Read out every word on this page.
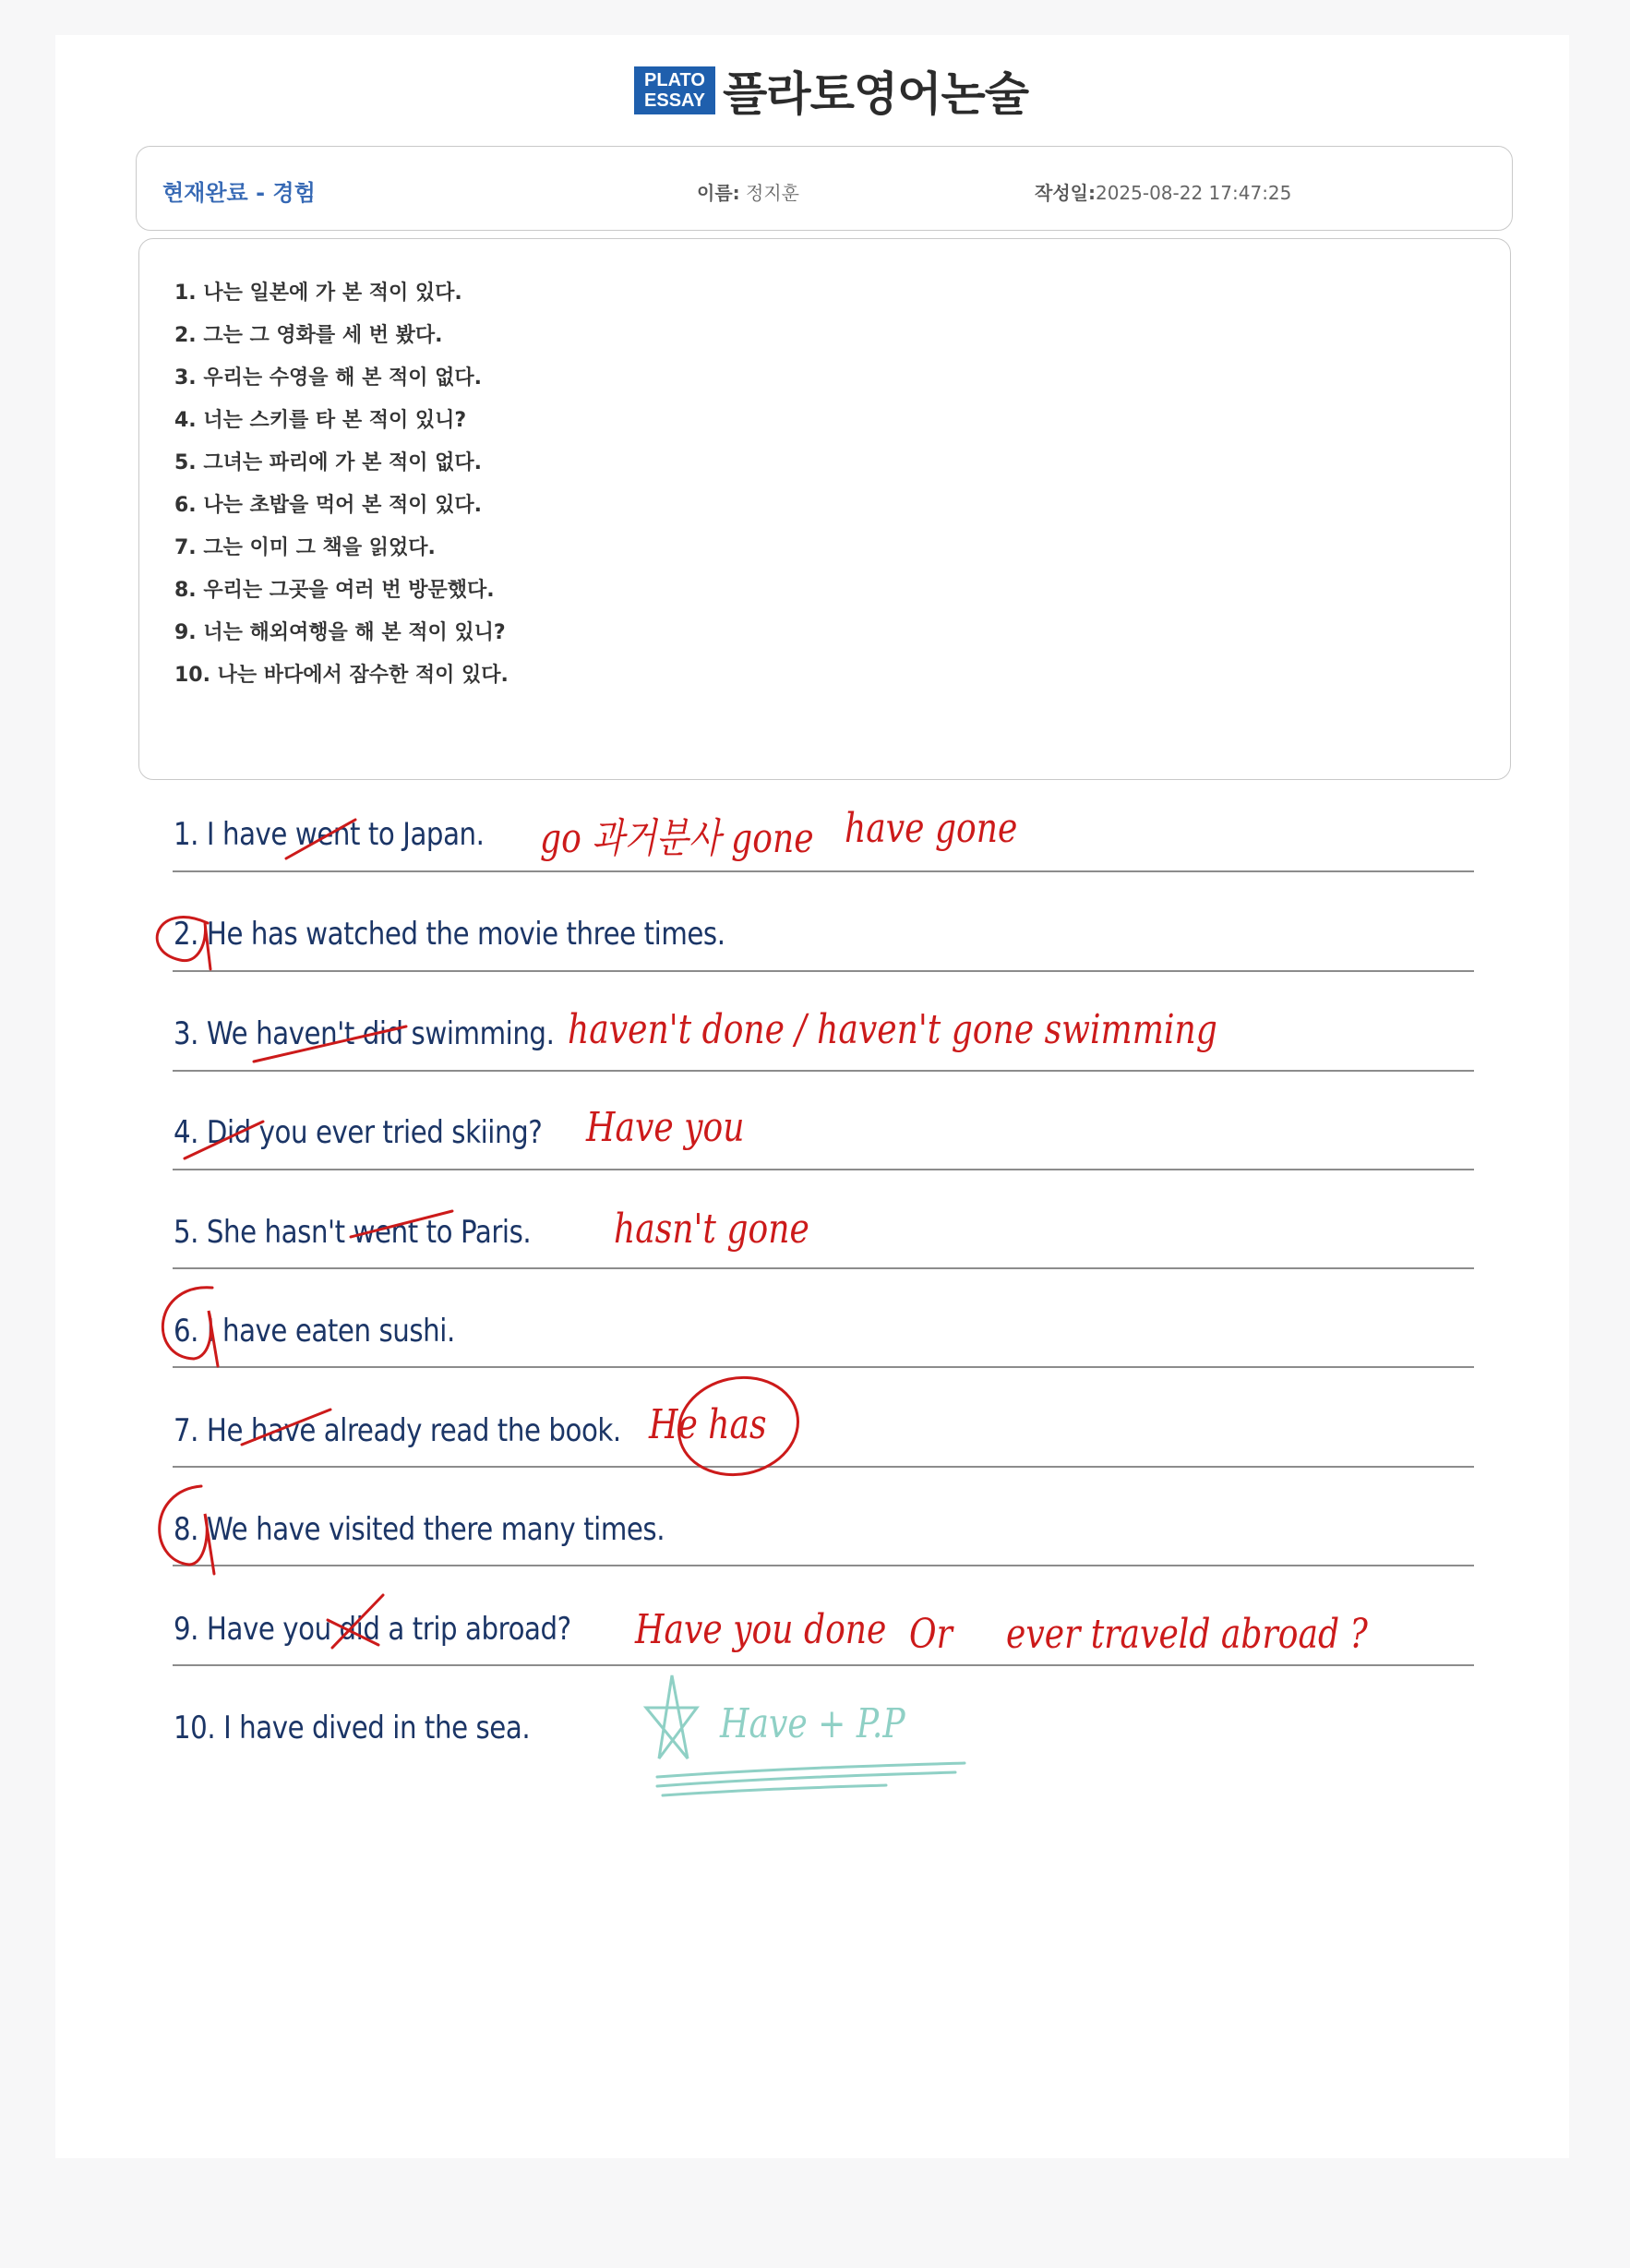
PLATO
ESSAY 플라토영어논술
현재완료 - 경험	이름: 정지훈	작성일:2025-08-22 17:47:25
1. 나는 일본에 가 본 적이 있다.
2. 그는 그 영화를 세 번 봤다.
3. 우리는 수영을 해 본 적이 없다.
4. 너는 스키를 타 본 적이 있니?
5. 그녀는 파리에 가 본 적이 없다.
6. 나는 초밥을 먹어 본 적이 있다.
7. 그는 이미 그 책을 읽었다.
8. 우리는 그곳을 여러 번 방문했다.
9. 너는 해외여행을 해 본 적이 있니?
10. 나는 바다에서 잠수한 적이 있다.
1. I have went to Japan.
2. He has watched the movie three times.
3. We haven't did swimming.
4. Did you ever tried skiing?
5. She hasn't went to Paris.
6. I have eaten sushi.
7. He have already read the book.
8. We have visited there many times.
9. Have you did a trip abroad?
10. I have dived in the sea.
go 과거분사 gone have gone
haven't done / haven't gone swimming
Have you
hasn't gone
He has
Have you done Or ever traveld abroad ?
Have + P.P
